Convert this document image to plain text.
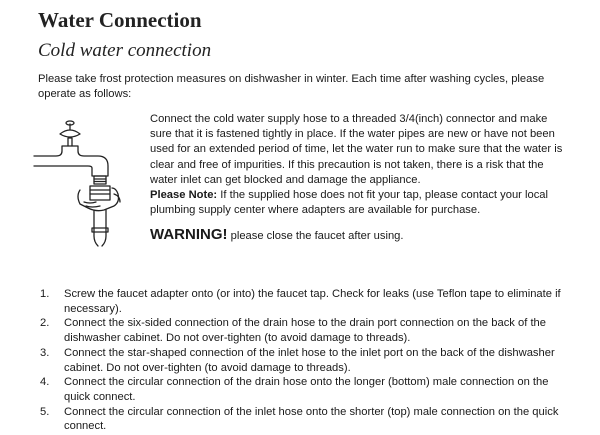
Water Connection
Cold water connection

Please take frost protection measures on dishwasher in winter. Each time after washing cycles, please operate as follows:

Connect the cold water supply hose to a threaded 3/4(inch) connector and make sure that it is fastened tightly in place. If the water pipes are new or have not been used for an extended period of time, let the water run to make sure that the water is clear and free of impurities. If this precaution is not taken, there is a risk that the water inlet can get blocked and damage the appliance.

Please Note: If the supplied hose does not fit your tap, please contact your local plumbing supply center where adapters are available for purchase.

WARNING! please close the faucet after using.

1. Screw the faucet adapter onto (or into) the faucet tap. Check for leaks (use Teflon tape to eliminate if necessary).
2. Connect the six-sided connection of the drain hose to the drain port connection on the back of the dishwasher cabinet. Do not over-tighten (to avoid damage to threads).
3. Connect the star-shaped connection of the inlet hose to the inlet port on the back of the dishwasher cabinet. Do not over-tighten (to avoid damage to threads).
4. Connect the circular connection of the drain hose onto the longer (bottom) male connection on the quick connect.
5. Connect the circular connection of the inlet hose onto the shorter (top) male connection on the quick connect.
